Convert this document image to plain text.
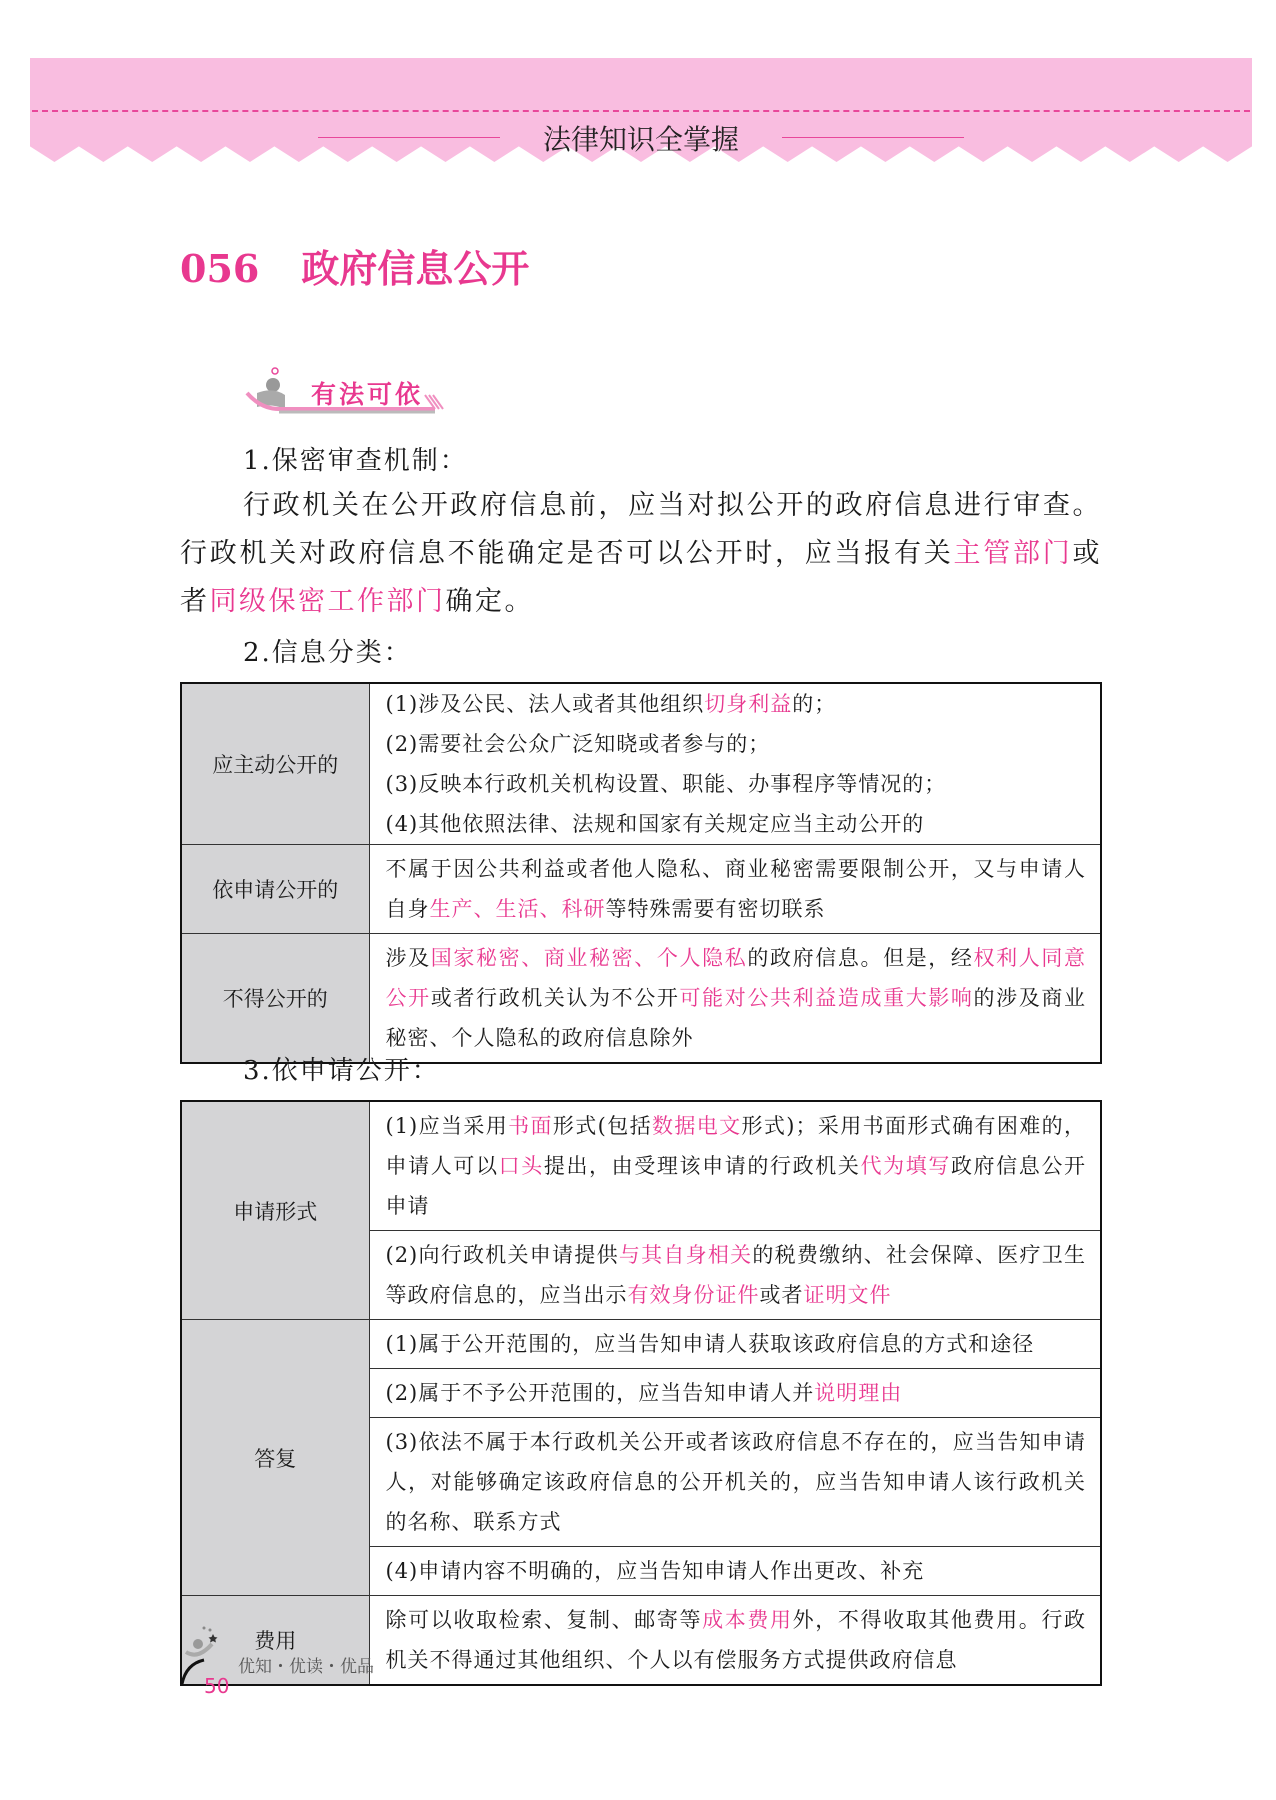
法律知识全掌握
056 政府信息公开
有法可依
1.保密审查机制：
行政机关在公开政府信息前，应当对拟公开的政府信息进行审查。行政机关对政府信息不能确定是否可以公开时，应当报有关主管部门或者同级保密工作部门确定。
2.信息分类：
应主动公开的	(1)涉及公民、法人或者其他组织切身利益的；
(2)需要社会公众广泛知晓或者参与的；
(3)反映本行政机关机构设置、职能、办事程序等情况的；
(4)其他依照法律、法规和国家有关规定应当主动公开的

依申请公开的	不属于因公共利益或者他人隐私、商业秘密需要限制公开，又与申请人自身生产、生活、科研等特殊需要有密切联系
不得公开的	涉及国家秘密、商业秘密、个人隐私的政府信息。但是，经权利人同意公开或者行政机关认为不公开可能对公共利益造成重大影响的涉及商业秘密、个人隐私的政府信息除外
3.依申请公开：
申请形式	(1)应当采用书面形式(包括数据电文形式)；采用书面形式确有困难的，申请人可以口头提出，由受理该申请的行政机关代为填写政府信息公开申请
	(2)向行政机关申请提供与其自身相关的税费缴纳、社会保障、医疗卫生等政府信息的，应当出示有效身份证件或者证明文件
答复	(1)属于公开范围的，应当告知申请人获取该政府信息的方式和途径
	(2)属于不予公开范围的，应当告知申请人并说明理由
	(3)依法不属于本行政机关公开或者该政府信息不存在的，应当告知申请人，对能够确定该政府信息的公开机关的，应当告知申请人该行政机关的名称、联系方式
	(4)申请内容不明确的，应当告知申请人作出更改、补充
费用	除可以收取检索、复制、邮寄等成本费用外，不得收取其他费用。行政机关不得通过其他组织、个人以有偿服务方式提供政府信息
优知・优读・优品
50
